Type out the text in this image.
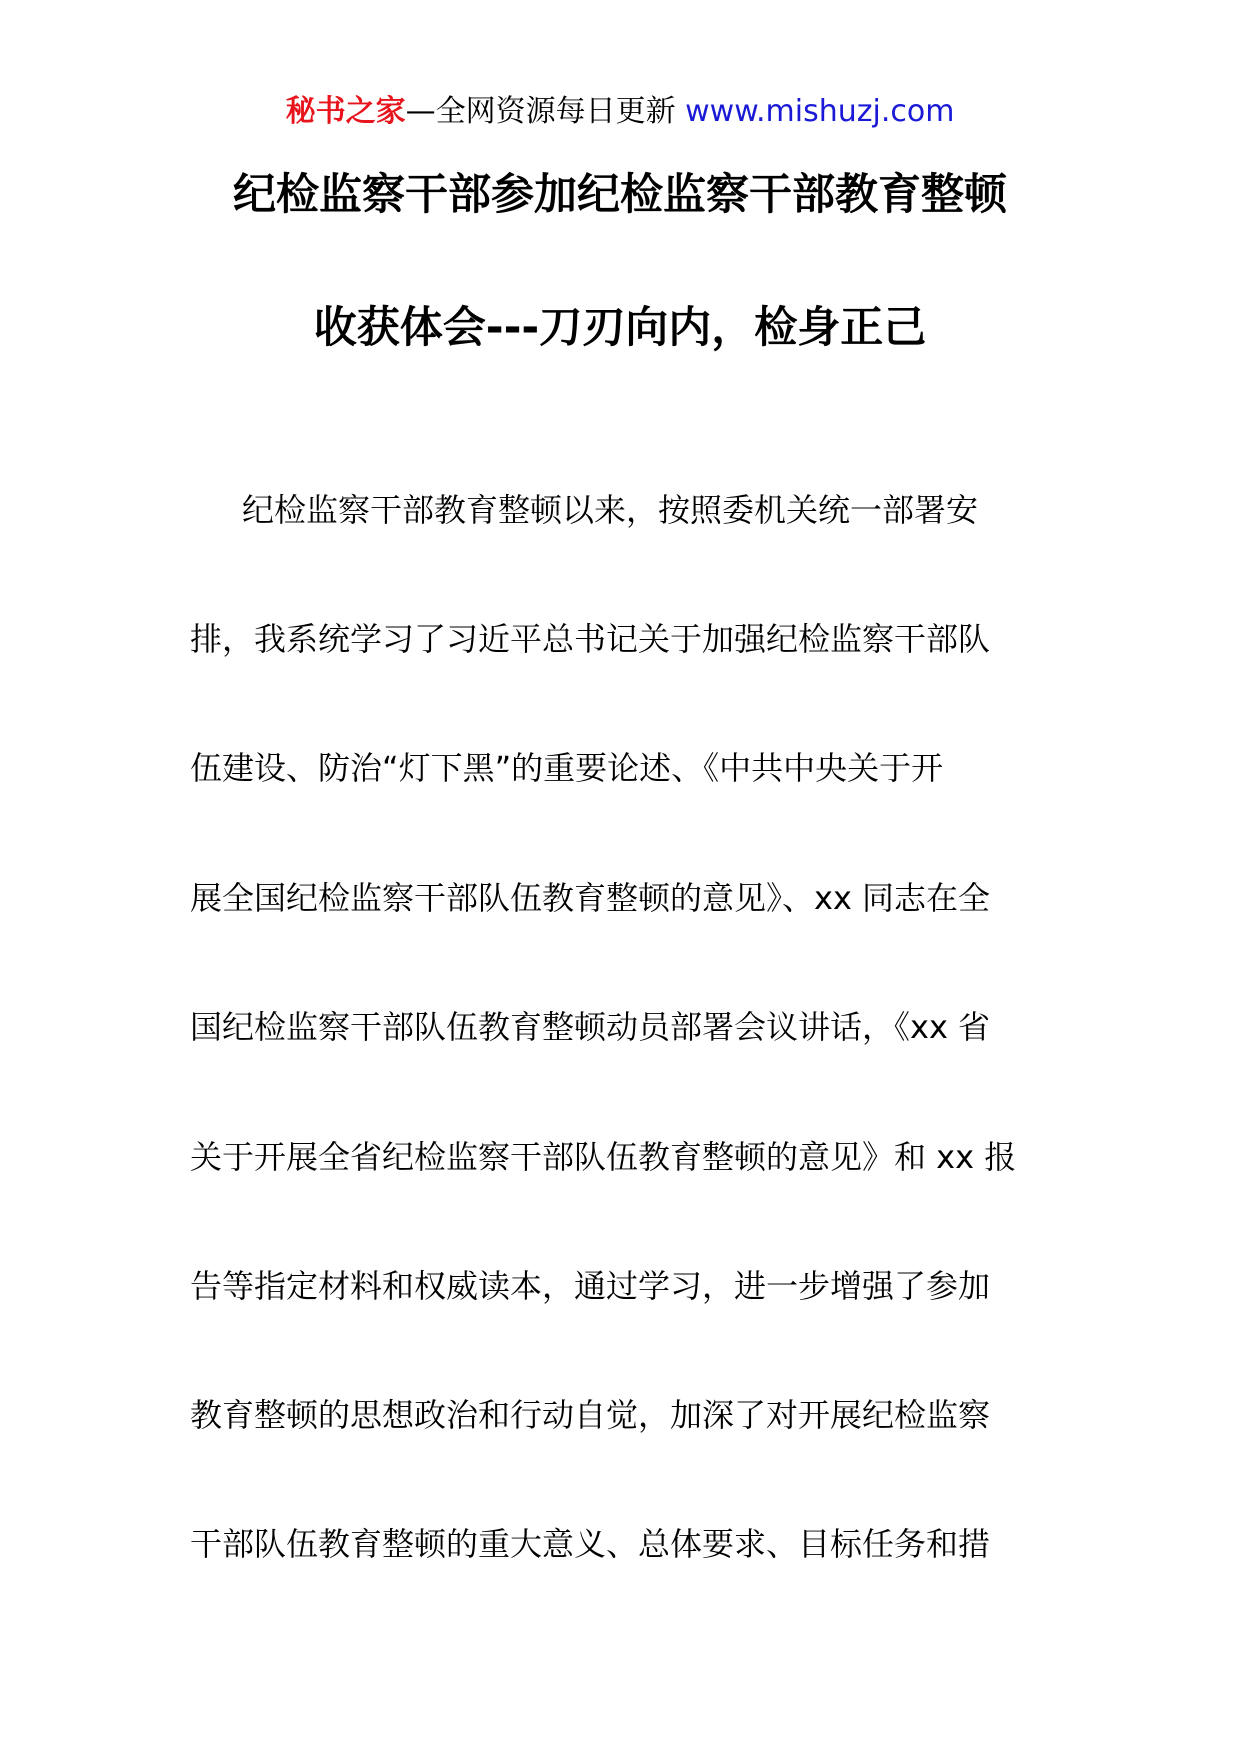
秘书之家—全网资源每日更新 www.mishuzj.com
纪检监察干部参加纪检监察干部教育整顿
收获体会---刀刃向内，检身正己
纪检监察干部教育整顿以来，按照委机关统一部署安
排，我系统学习了习近平总书记关于加强纪检监察干部队
伍建设、防治“灯下黑”的重要论述、《中共中央关于开
展全国纪检监察干部队伍教育整顿的意见》、xx 同志在全
国纪检监察干部队伍教育整顿动员部署会议讲话，《xx 省
关于开展全省纪检监察干部队伍教育整顿的意见》和 xx 报
告等指定材料和权威读本，通过学习，进一步增强了参加
教育整顿的思想政治和行动自觉，加深了对开展纪检监察
干部队伍教育整顿的重大意义、总体要求、目标任务和措
